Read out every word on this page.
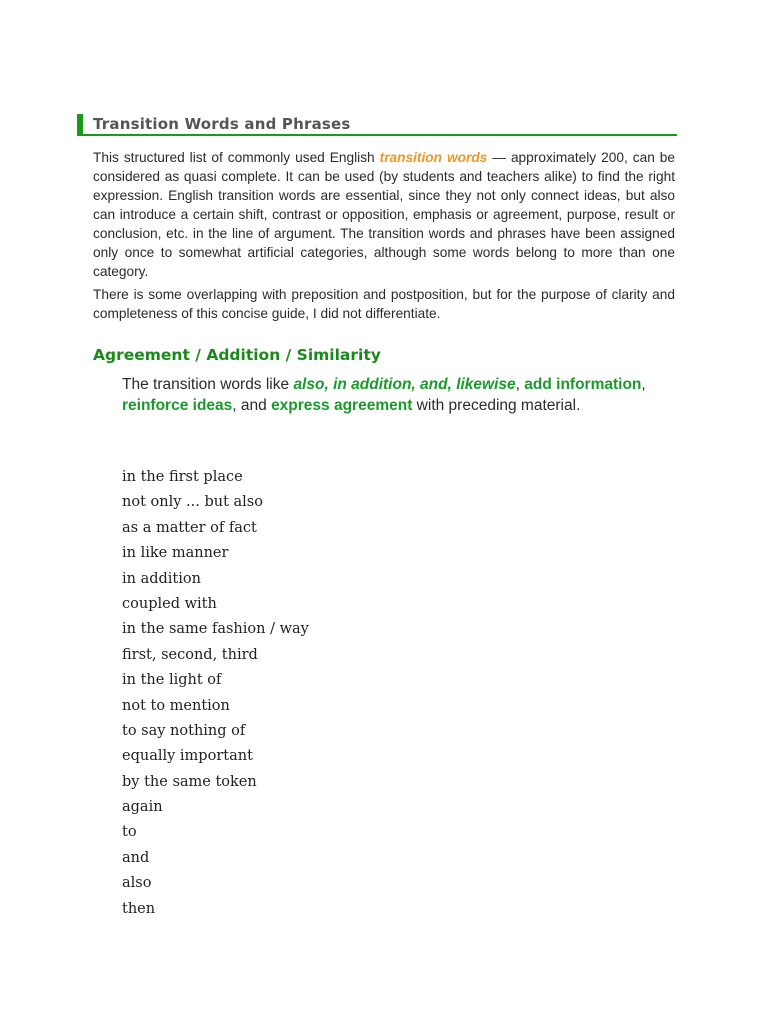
Transition Words and Phrases

This structured list of commonly used English transition words — approximately 200, can be considered as quasi complete. It can be used (by students and teachers alike) to find the right expression. English transition words are essential, since they not only connect ideas, but also can introduce a certain shift, contrast or opposition, emphasis or agreement, purpose, result or conclusion, etc. in the line of argument. The transition words and phrases have been assigned only once to somewhat artificial categories, although some words belong to more than one category.

There is some overlapping with preposition and postposition, but for the purpose of clarity and completeness of this concise guide, I did not differentiate.

Agreement / Addition / Similarity
The transition words like also, in addition, and, likewise, add information, reinforce ideas, and express agreement with preceding material.
in the first place
not only ... but also
as a matter of fact
in like manner
in addition
coupled with
in the same fashion / way
first, second, third
in the light of
not to mention
to say nothing of
equally important
by the same token
again
to
and
also
then
